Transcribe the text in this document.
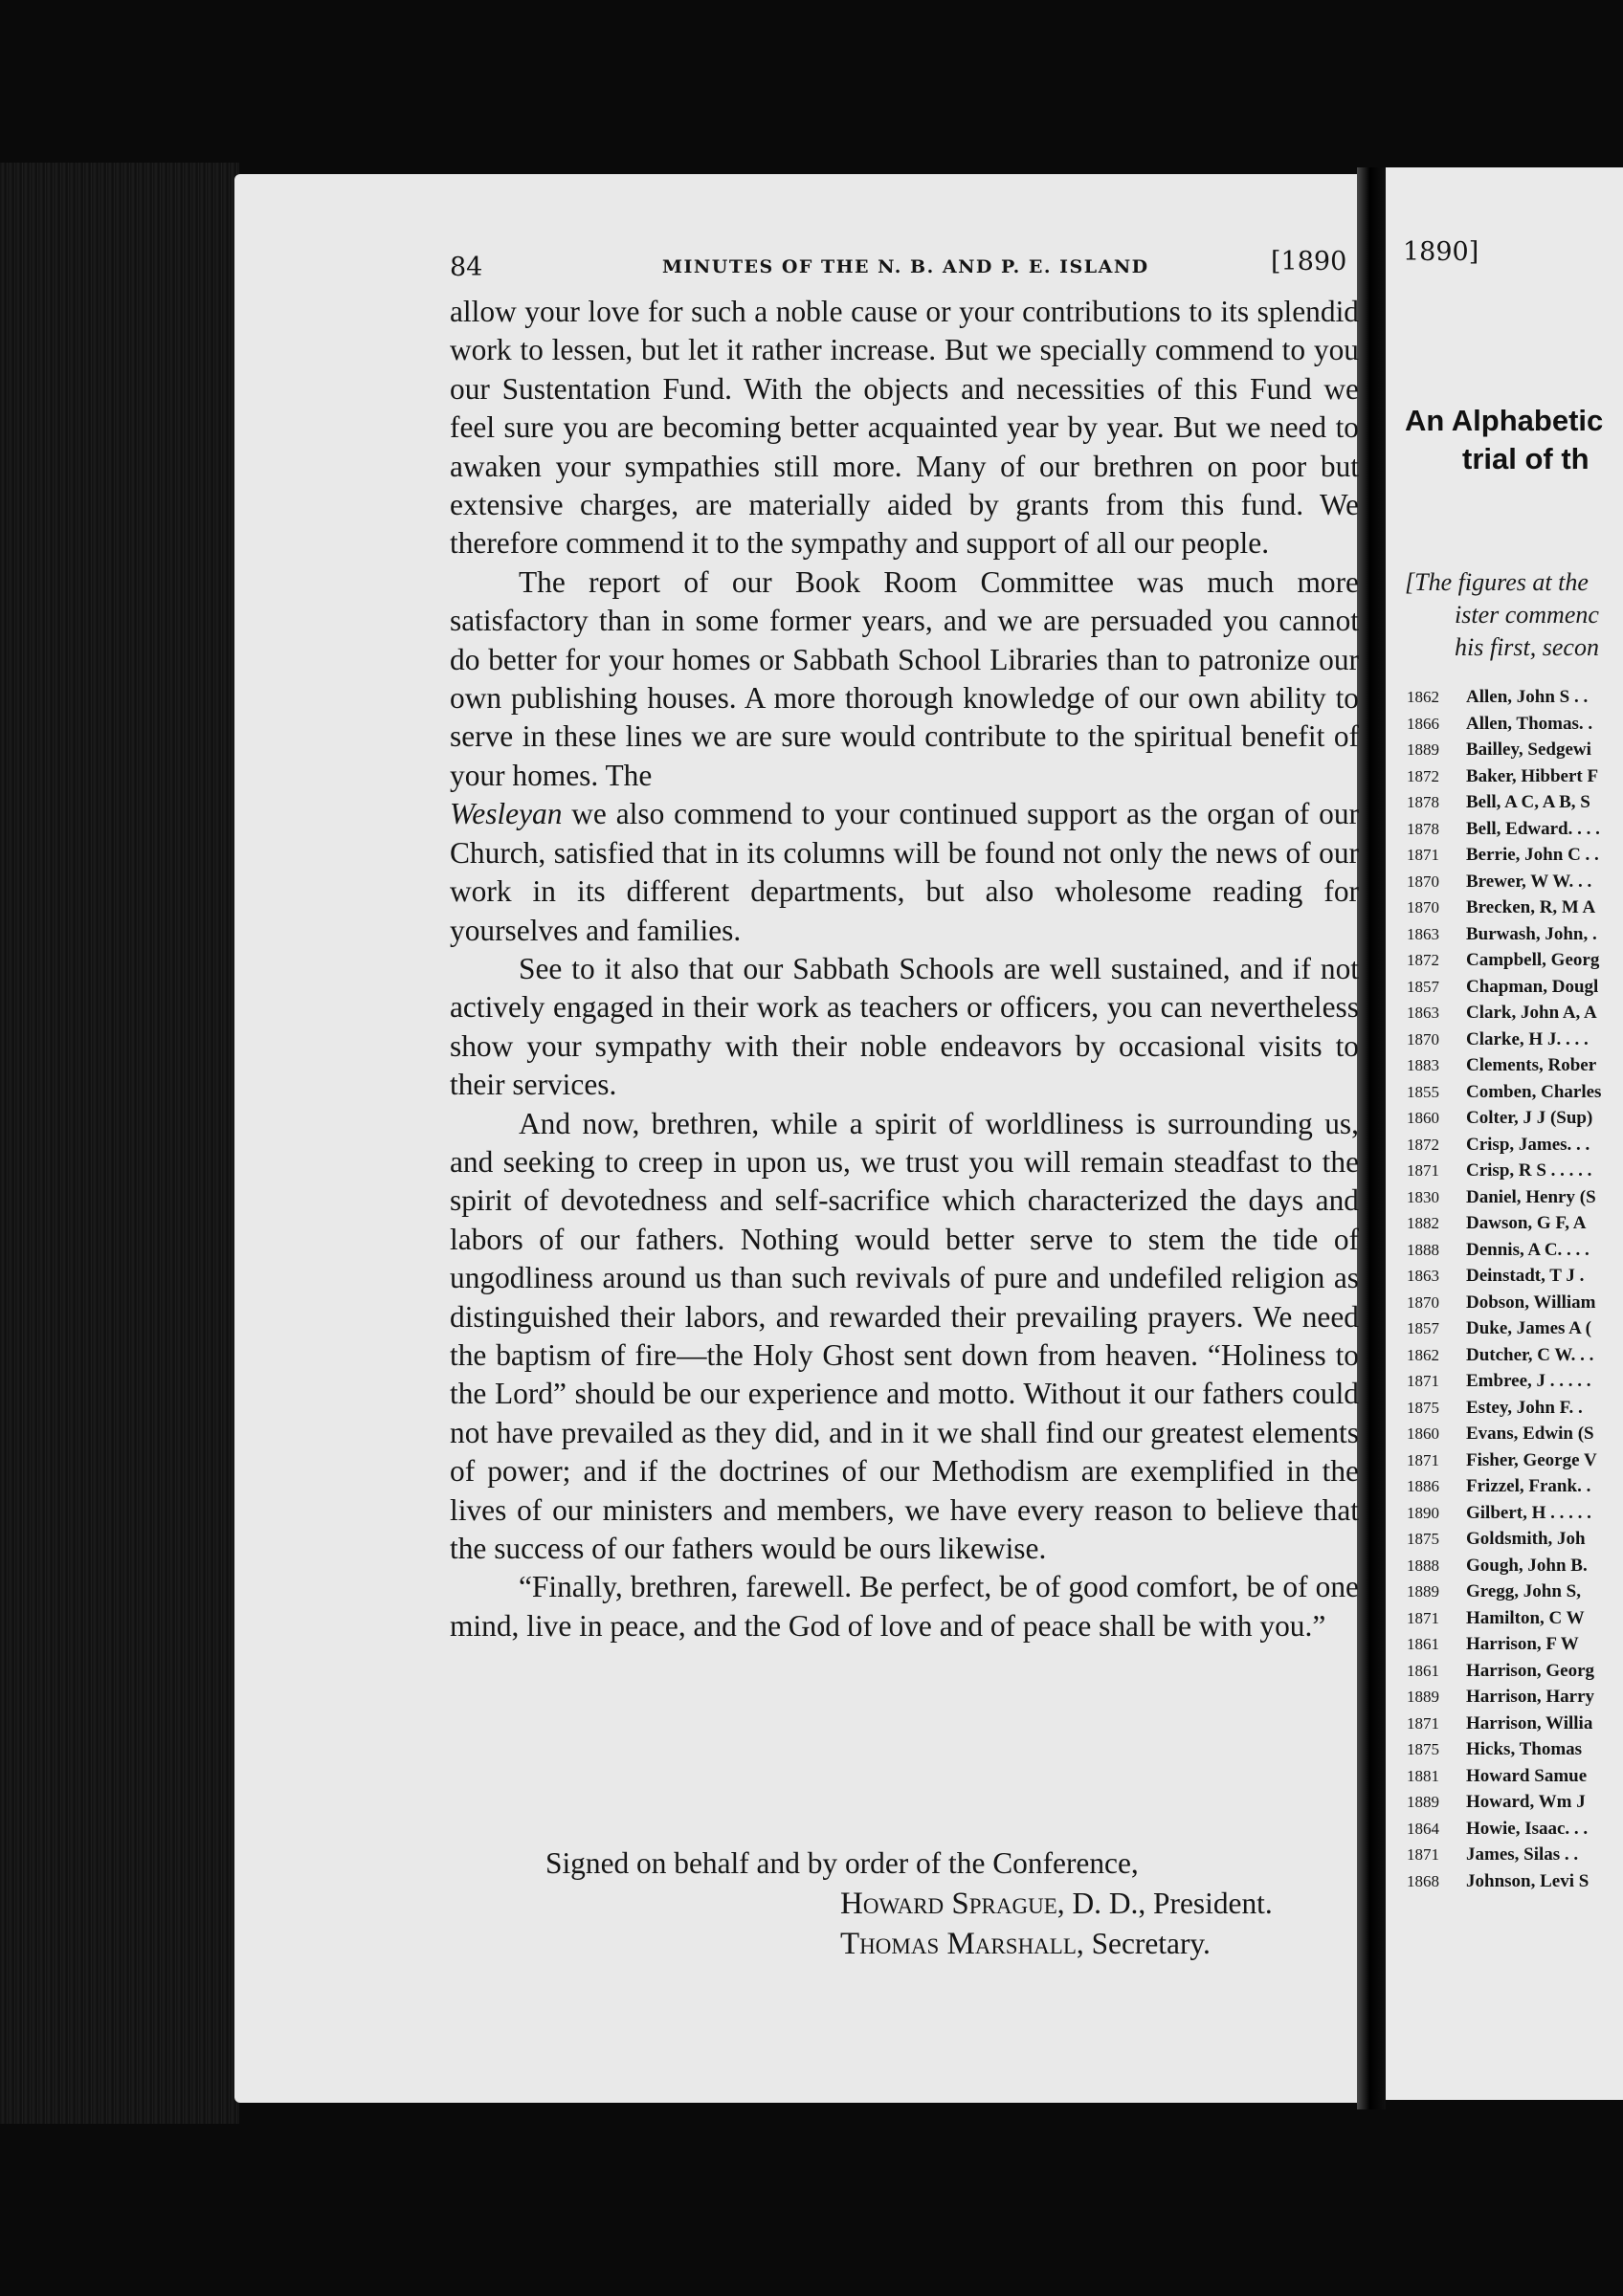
84	MINUTES OF THE N. B. AND P. E. ISLAND	[1890

allow your love for such a noble cause or your contributions to its splendid work to lessen, but let it rather increase. But we specially commend to you our Sustentation Fund. With the objects and necessities of this Fund we feel sure you are becoming better acquainted year by year. But we need to awaken your sympathies still more. Many of our brethren on poor but extensive charges, are materially aided by grants from this fund. We therefore commend it to the sympathy and support of all our people.

The report of our Book Room Committee was much more satisfactory than in some former years, and we are persuaded you cannot do better for your homes or Sabbath School Libraries than to patronize our own publishing houses. A more thorough knowledge of our own ability to serve in these lines we are sure would contribute to the spiritual benefit of your homes. The

Wesleyan we also commend to your continued support as the organ of our Church, satisfied that in its columns will be found not only the news of our work in its different departments, but also wholesome reading for yourselves and families.

See to it also that our Sabbath Schools are well sustained, and if not actively engaged in their work as teachers or officers, you can nevertheless show your sympathy with their noble endeavors by occasional visits to their services.

And now, brethren, while a spirit of worldliness is surrounding us, and seeking to creep in upon us, we trust you will remain steadfast to the spirit of devotedness and self-sacrifice which characterized the days and labors of our fathers. Nothing would better serve to stem the tide of ungodliness around us than such revivals of pure and undefiled religion as distinguished their labors, and rewarded their prevailing prayers. We need the baptism of fire—the Holy Ghost sent down from heaven. “Holiness to the Lord” should be our experience and motto. Without it our fathers could not have prevailed as they did, and in it we shall find our greatest elements of power; and if the doctrines of our Methodism are exemplified in the lives of our ministers and members, we have every reason to believe that the success of our fathers would be ours likewise.

“Finally, brethren, farewell. Be perfect, be of good comfort, be of one mind, live in peace, and the God of love and of peace shall be with you.”

Signed on behalf and by order of the Conference,
Howard Sprague, D. D., President.
Thomas Marshall, Secretary.
1890]
An Alphabetic
trial of th
[The figures at the
ister commenc
his first, secon
1862 Allen, John S . .
1866 Allen, Thomas. .
1889 Bailley, Sedgewi
1872 Baker, Hibbert F
1878 Bell, A C, A B, S
1878 Bell, Edward. . . .
1871 Berrie, John C . .
1870 Brewer, W W. . .
1870 Brecken, R, M A
1863 Burwash, John, .
1872 Campbell, Georg
1857 Chapman, Dougl
1863 Clark, John A, A
1870 Clarke, H J. . . .
1883 Clements, Rober
1855 Comben, Charles
1860 Colter, J J (Sup)
1872 Crisp, James. . .
1871 Crisp, R S . . . . .
1830 Daniel, Henry (S
1882 Dawson, G F, A
1888 Dennis, A C. . . .
1863 Deinstadt, T J .
1870 Dobson, William
1857 Duke, James A (
1862 Dutcher, C W. . .
1871 Embree, J . . . . .
1875 Estey, John F. .
1860 Evans, Edwin (S
1871 Fisher, George V
1886 Frizzel, Frank. .
1890 Gilbert, H . . . . .
1875 Goldsmith, Joh
1888 Gough, John B.
1889 Gregg, John S,
1871 Hamilton, C W
1861 Harrison, F W
1861 Harrison, Georg
1889 Harrison, Harry
1871 Harrison, Willia
1875 Hicks, Thomas
1881 Howard Samue
1889 Howard, Wm J
1864 Howie, Isaac. . .
1871 James, Silas . .
1868 Johnson, Levi S
